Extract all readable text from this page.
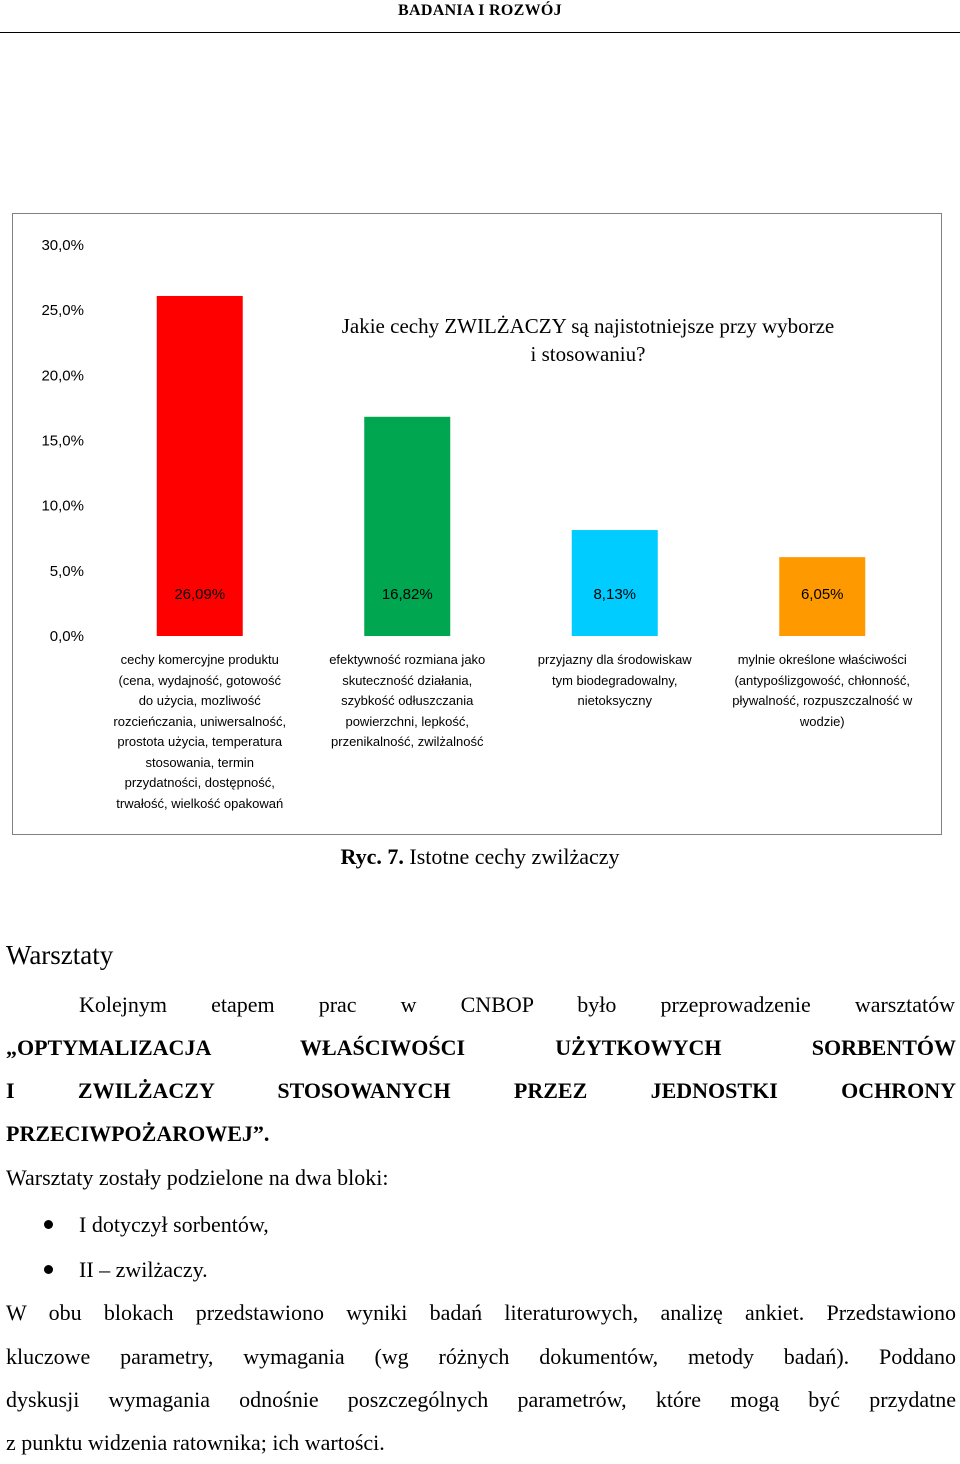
BADANIA I ROZWÓJ
0,0%
5,0%
10,0%
15,0%
20,0%
25,0%
30,0%
26,09%	16,82%	8,13%	6,05%
Jakie cechy ZWILŻACZY są najistotniejsze przy wyborze
i stosowaniu?
cechy komercyjne produktu
(cena, wydajność, gotowość
do użycia, mozliwość
rozcieńczania, uniwersalność,
prostota użycia, temperatura
stosowania, termin
przydatności, dostępność,
trwałość, wielkość opakowań
efektywność rozmiana jako
skuteczność działania,
szybkość odłuszczania
powierzchni, lepkość,
przenikalność, zwilżalność
przyjazny dla środowiskaw
tym biodegradowalny,
nietoksyczny
mylnie określone właściwości
(antypoślizgowość, chłonność,
pływalność, rozpuszczalność w
wodzie)
Ryc. 7. Istotne cechy zwilżaczy
Warsztaty

Kolejnym etapem prac w CNBOP było przeprowadzenie warsztatów

„OPTYMALIZACJA WŁAŚCIWOŚCI UŻYTKOWYCH SORBENTÓW

I ZWILŻACZY STOSOWANYCH PRZEZ JEDNOSTKI OCHRONY

PRZECIWPOŻAROWEJ”.

Warsztaty zostały podzielone na dwa bloki:

I dotyczył sorbentów,
II – zwilżaczy.

W obu blokach przedstawiono wyniki badań literaturowych, analizę ankiet. Przedstawiono

kluczowe parametry, wymagania (wg różnych dokumentów, metody badań). Poddano

dyskusji wymagania odnośnie poszczególnych parametrów, które mogą być przydatne

z punktu widzenia ratownika; ich wartości.
